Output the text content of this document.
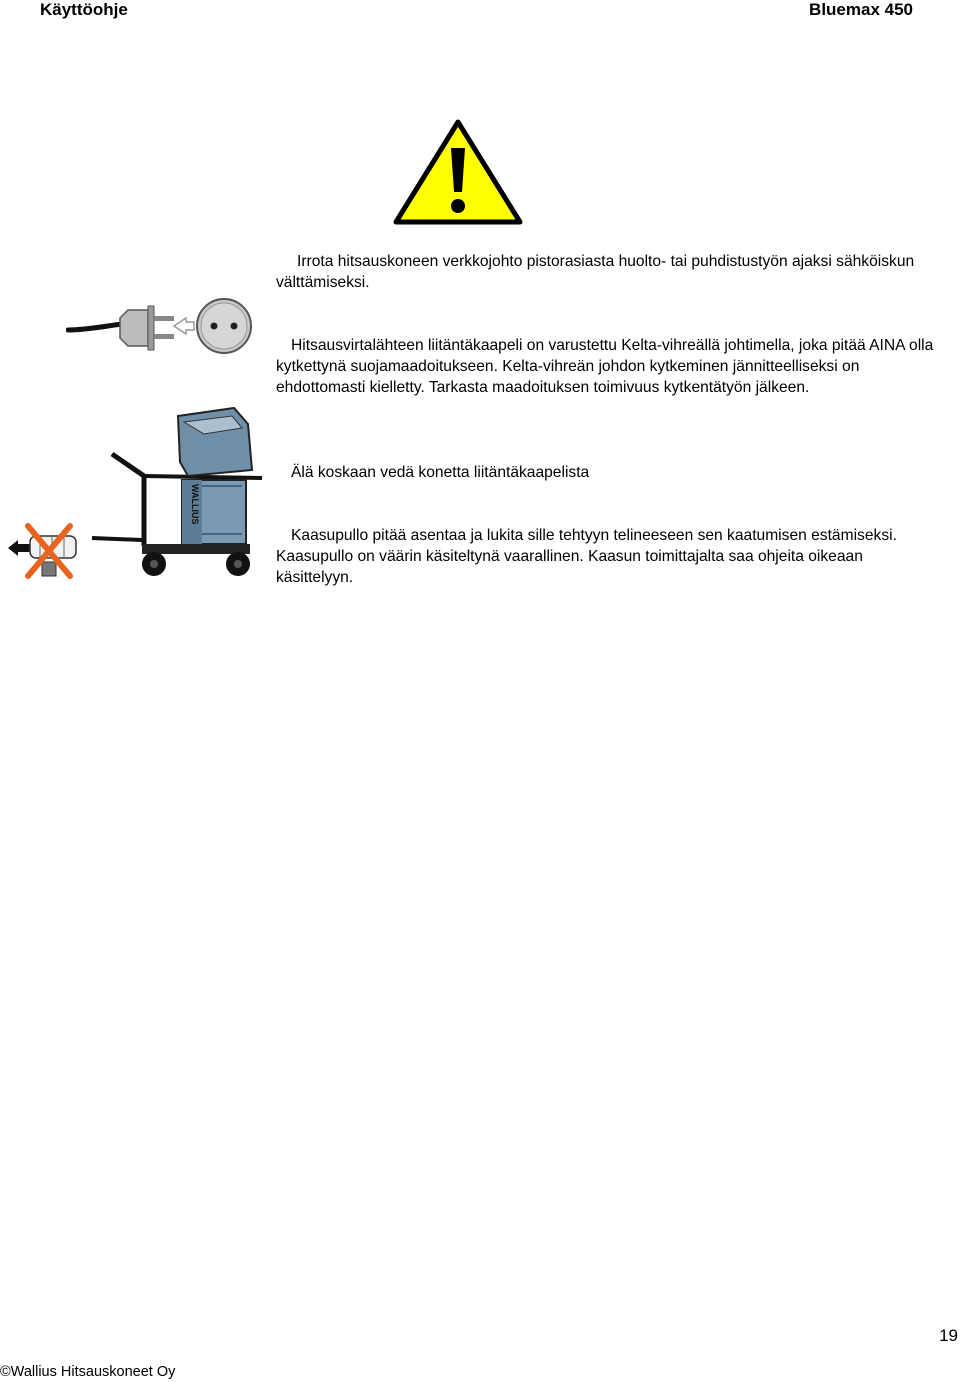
Käyttöohje	Bluemax 450

Irrota hitsauskoneen verkkojohto pistorasiasta huolto- tai puhdistustyön ajaksi sähköiskun välttämiseksi.

Hitsausvirtalähteen liitäntäkaapeli on varustettu Kelta-vihreällä johtimella, joka pitää AINA olla kytkettynä suojamaadoitukseen. Kelta-vihreän johdon kytkeminen jännitteelliseksi on ehdottomasti kielletty. Tarkasta maadoituksen toimivuus kytkentätyön jälkeen.

WALLIUS

Älä koskaan vedä konetta liitäntäkaapelista

Kaasupullo pitää asentaa ja lukita sille tehtyyn telineeseen sen kaatumisen estämiseksi. Kaasupullo on väärin käsiteltynä vaarallinen. Kaasun toimittajalta saa ohjeita oikeaan käsittelyyn.

19
©Wallius Hitsauskoneet Oy
